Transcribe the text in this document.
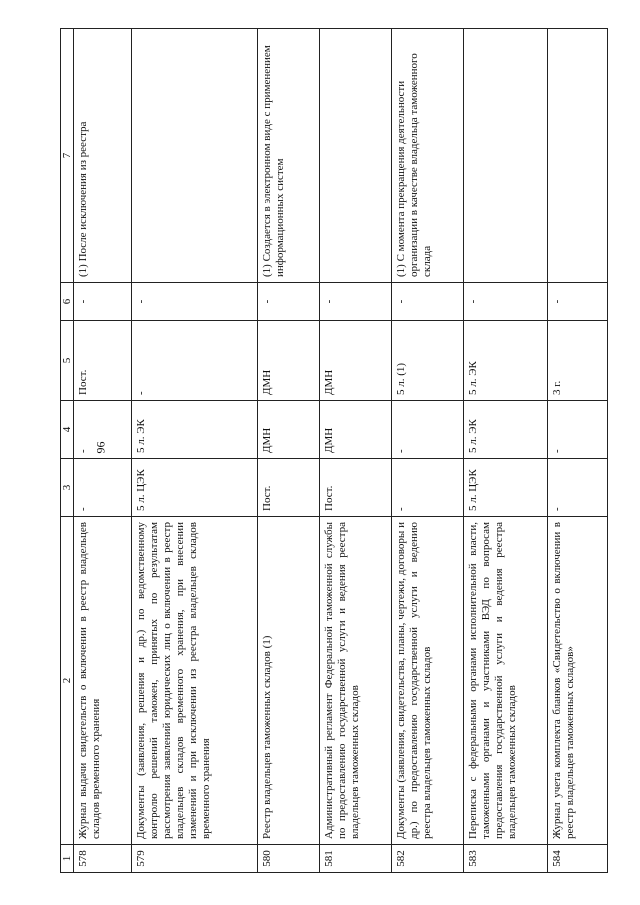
96
1	2	3	4	5	6	7
578	Журнал выдачи свидетельств о включении в реестр владельцев складов временного хранения	-	-	Пост.	-	(1) После исключения из реестра
579	Документы (заявления, решения и др.) по ведомственному контролю решений таможен, принятых по результатам рассмотрения заявлений юридических лиц о включении в реестр владельцев складов временного хранения, при внесении изменений и при исключении из реестра владельцев складов временного хранения	5 л. ЦЭК	5 л. ЭК	-	-	
580	Реестр владельцев таможенных складов (1)	Пост.	ДМН	ДМН	-	(1) Создается в электронном виде с применением информационных систем
581	Административный регламент Федеральной таможенной службы по предоставлению государственной услуги и ведения реестра владельцев таможенных складов	Пост.	ДМН	ДМН	-	
582	Документы (заявления, свидетельства, планы, чертежи, договоры и др.) по предоставлению государственной услуги и ведению реестра владельцев таможенных складов	-	-	5 л. (1)	-	(1) С момента прекращения деятельности организации в качестве владельца таможенного склада
583	Переписка с федеральными органами исполнительной власти, таможенными органами и участниками ВЭД по вопросам предоставления государственной услуги и ведения реестра владельцев таможенных складов	5 л. ЦЭК	5 л. ЭК	5 л. ЭК	-	
584	Журнал учета комплекта бланков «Свидетельство о включении в реестр владельцев таможенных складов»	-	-	3 г.	-	
